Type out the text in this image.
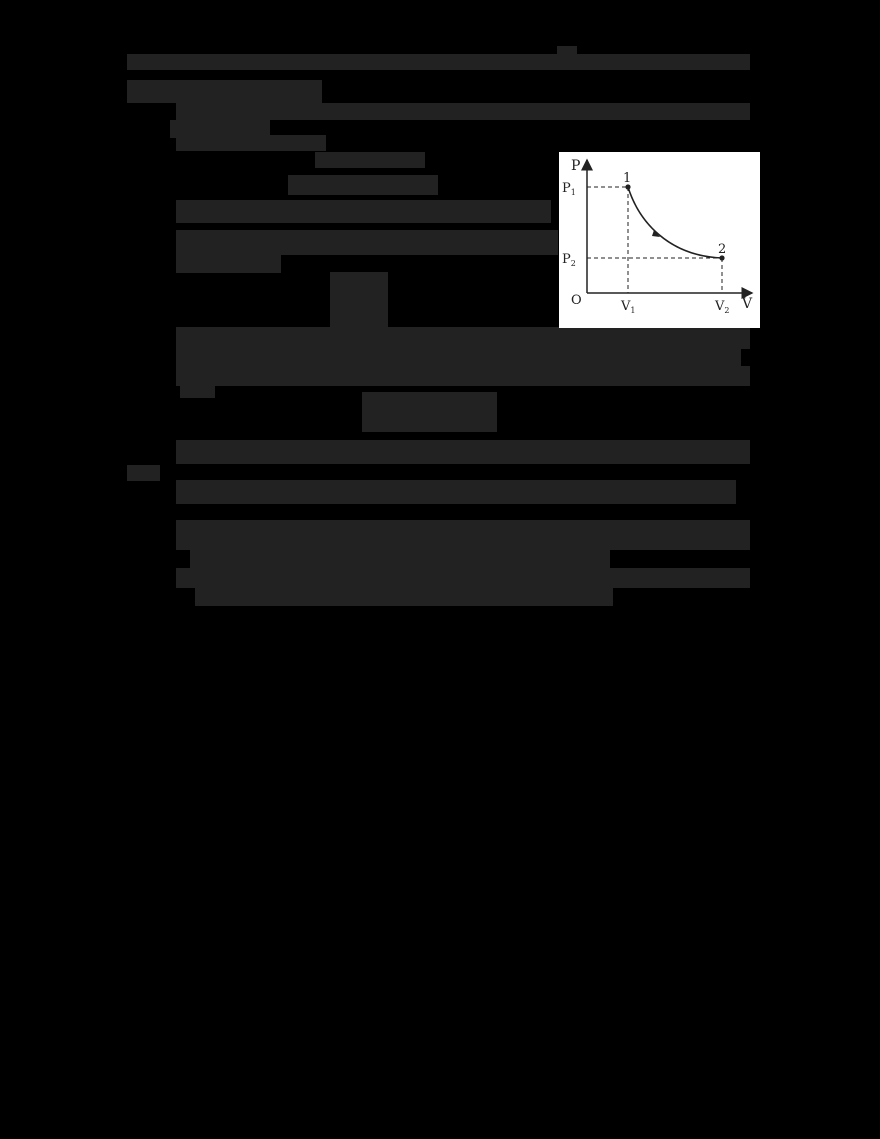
P
V
O
1
2
$P_1$
$P_2$
$V_1$	$V_2$
